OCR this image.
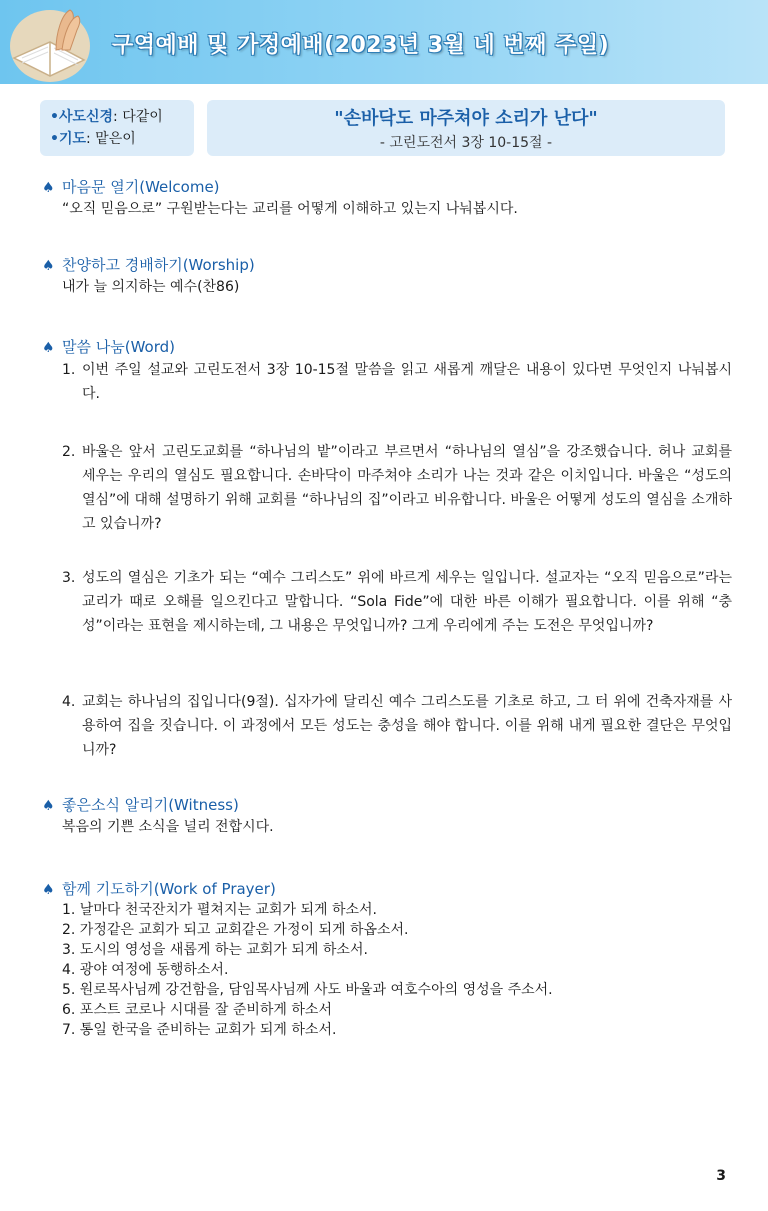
구역예배 및 가정예배(2023년 3월 네 번째 주일)
•사도신경: 다같이
•기도: 맡은이
"손바닥도 마주쳐야 소리가 난다"
- 고린도전서 3장 10-15절 -
♠ 마음문 열기(Welcome)
“오직 믿음으로” 구원받는다는 교리를 어떻게 이해하고 있는지 나눠봅시다.
♠ 찬양하고 경배하기(Worship)
내가 늘 의지하는 예수(찬86)
♠ 말씀 나눔(Word)
1. 이번 주일 설교와 고린도전서 3장 10-15절 말씀을 읽고 새롭게 깨달은 내용이 있다면 무엇인지 나눠봅시다.
2. 바울은 앞서 고린도교회를 “하나님의 밭”이라고 부르면서 “하나님의 열심”을 강조했습니다. 허나 교회를 세우는 우리의 열심도 필요합니다. 손바닥이 마주쳐야 소리가 나는 것과 같은 이치입니다. 바울은 “성도의 열심”에 대해 설명하기 위해 교회를 “하나님의 집”이라고 비유합니다. 바울은 어떻게 성도의 열심을 소개하고 있습니까?
3. 성도의 열심은 기초가 되는 “예수 그리스도” 위에 바르게 세우는 일입니다. 설교자는 “오직 믿음으로”라는 교리가 때로 오해를 일으킨다고 말합니다. “Sola Fide”에 대한 바른 이해가 필요합니다. 이를 위해 “충성”이라는 표현을 제시하는데, 그 내용은 무엇입니까? 그게 우리에게 주는 도전은 무엇입니까?
4. 교회는 하나님의 집입니다(9절). 십자가에 달리신 예수 그리스도를 기초로 하고, 그 터 위에 건축자재를 사용하여 집을 짓습니다. 이 과정에서 모든 성도는 충성을 해야 합니다. 이를 위해 내게 필요한 결단은 무엇입니까?
♠ 좋은소식 알리기(Witness)
복음의 기쁜 소식을 널리 전합시다.
♠ 함께 기도하기(Work of Prayer)
1. 날마다 천국잔치가 펼쳐지는 교회가 되게 하소서.
2. 가정같은 교회가 되고 교회같은 가정이 되게 하옵소서.
3. 도시의 영성을 새롭게 하는 교회가 되게 하소서.
4. 광야 여정에 동행하소서.
5. 원로목사님께 강건함을, 담임목사님께 사도 바울과 여호수아의 영성을 주소서.
6. 포스트 코로나 시대를 잘 준비하게 하소서
7. 통일 한국을 준비하는 교회가 되게 하소서.
3
